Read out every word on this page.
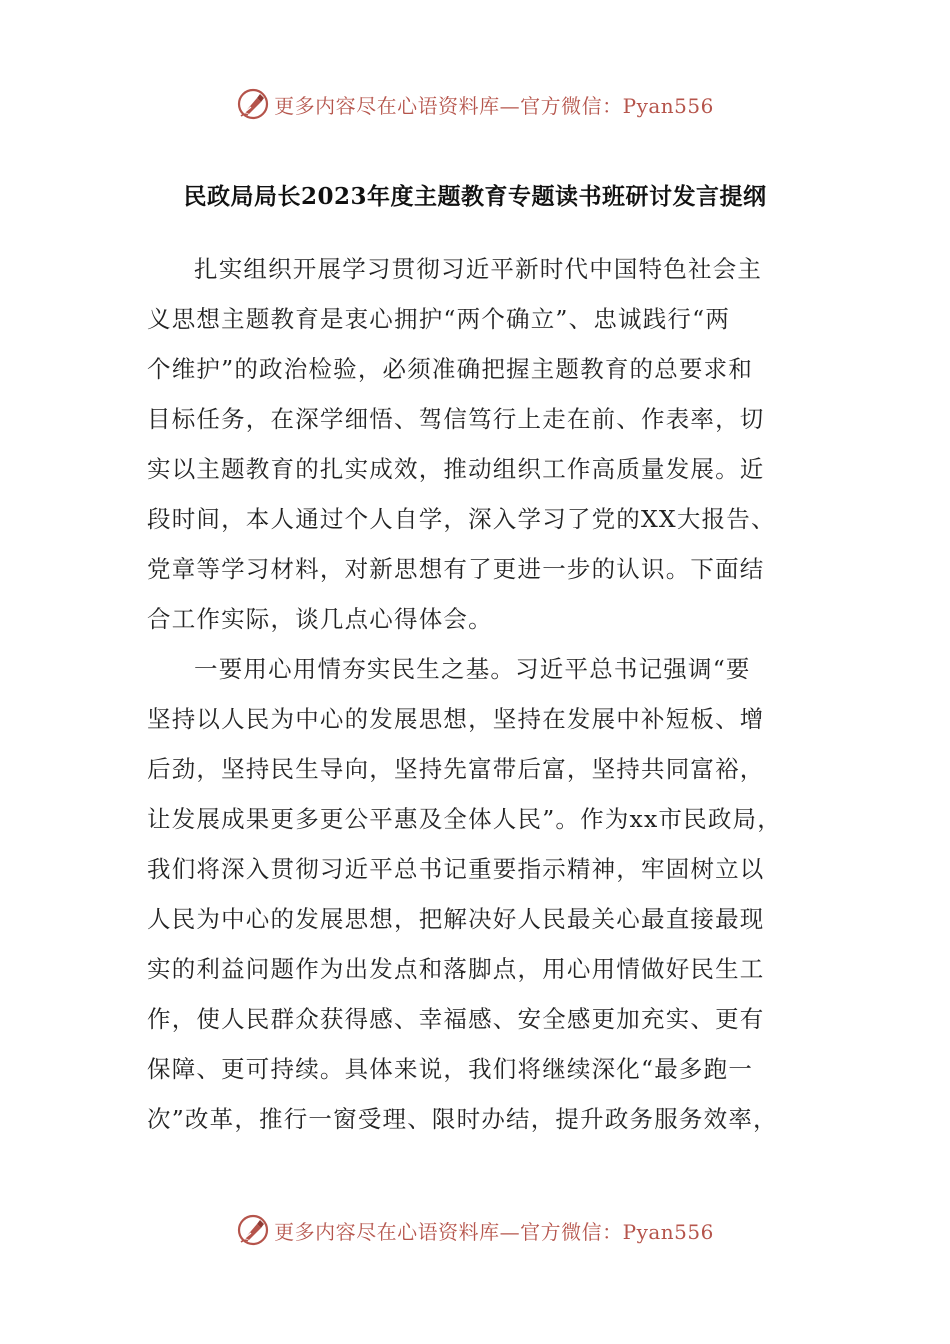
更多内容尽在心语资料库—官方微信：Pyan556
民政局局长2023年度主题教育专题读书班研讨发言提纲
扎实组织开展学习贯彻习近平新时代中国特色社会主
义思想主题教育是衷心拥护“两个确立”、忠诚践行“两
个维护”的政治检验，必须准确把握主题教育的总要求和
目标任务，在深学细悟、驾信笃行上走在前、作表率，切
实以主题教育的扎实成效，推动组织工作高质量发展。近
段时间，本人通过个人自学，深入学习了党的XX大报告、
党章等学习材料，对新思想有了更进一步的认识。下面结
合工作实际，谈几点心得体会。
一要用心用情夯实民生之基。习近平总书记强调“要
坚持以人民为中心的发展思想，坚持在发展中补短板、增
后劲，坚持民生导向，坚持先富带后富，坚持共同富裕，
让发展成果更多更公平惠及全体人民”。作为xx市民政局，
我们将深入贯彻习近平总书记重要指示精神，牢固树立以
人民为中心的发展思想，把解决好人民最关心最直接最现
实的利益问题作为出发点和落脚点，用心用情做好民生工
作，使人民群众获得感、幸福感、安全感更加充实、更有
保障、更可持续。具体来说，我们将继续深化“最多跑一
次”改革，推行一窗受理、限时办结，提升政务服务效率，
更多内容尽在心语资料库—官方微信：Pyan556
